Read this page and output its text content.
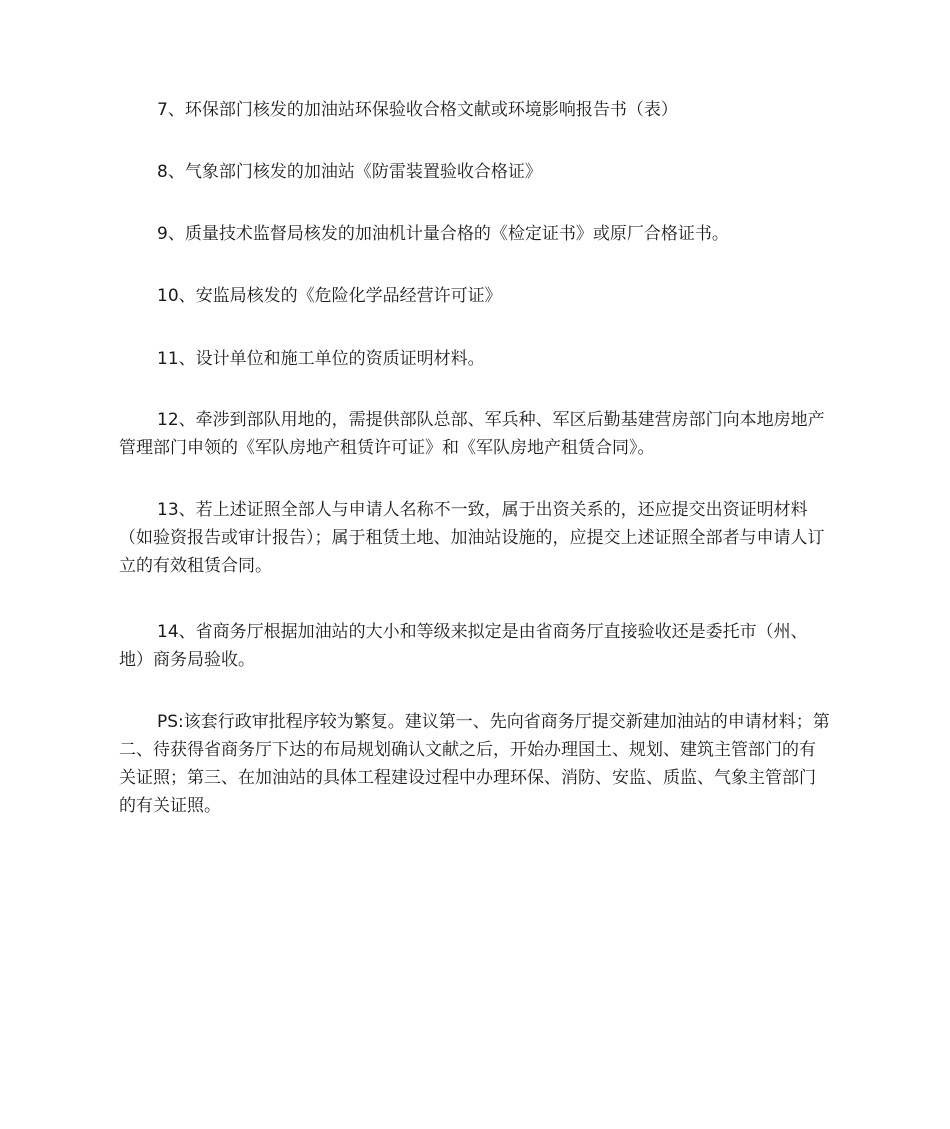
7、环保部门核发的加油站环保验收合格文献或环境影响报告书（表）

8、气象部门核发的加油站《防雷装置验收合格证》

9、质量技术监督局核发的加油机计量合格的《检定证书》或原厂合格证书。

10、安监局核发的《危险化学品经营许可证》

11、设计单位和施工单位的资质证明材料。

12、牵涉到部队用地的，需提供部队总部、军兵种、军区后勤基建营房部门向本地房地产管理部门申领的《军队房地产租赁许可证》和《军队房地产租赁合同》。

13、若上述证照全部人与申请人名称不一致，属于出资关系的，还应提交出资证明材料（如验资报告或审计报告）；属于租赁土地、加油站设施的，应提交上述证照全部者与申请人订立的有效租赁合同。

14、省商务厅根据加油站的大小和等级来拟定是由省商务厅直接验收还是委托市（州、地）商务局验收。

PS:该套行政审批程序较为繁复。建议第一、先向省商务厅提交新建加油站的申请材料；第二、待获得省商务厅下达的布局规划确认文献之后，开始办理国土、规划、建筑主管部门的有关证照；第三、在加油站的具体工程建设过程中办理环保、消防、安监、质监、气象主管部门的有关证照。
